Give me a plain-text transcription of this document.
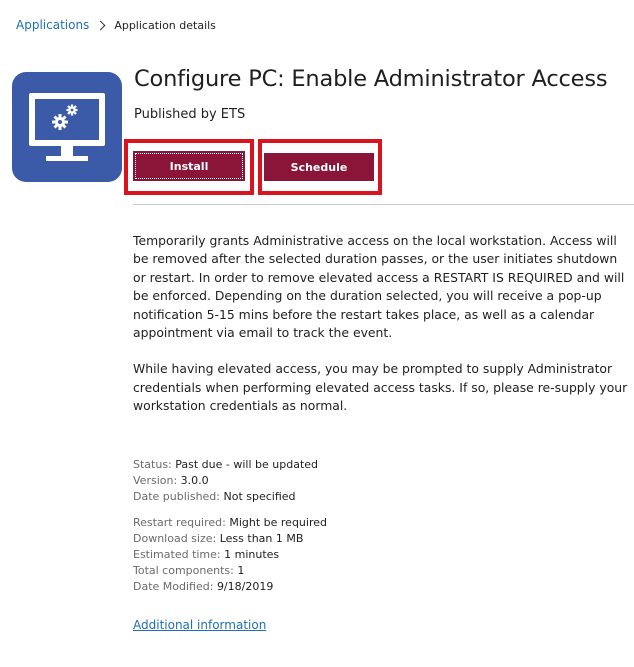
Applications Application details
Configure PC: Enable Administrator Access
Published by ETS
Install	Schedule

Temporarily grants Administrative access on the local workstation. Access will be removed after the selected duration passes, or the user initiates shutdown or restart. In order to remove elevated access a RESTART IS REQUIRED and will be enforced. Depending on the duration selected, you will receive a pop-up notification 5-15 mins before the restart takes place, as well as a calendar appointment via email to track the event.

While having elevated access, you may be prompted to supply Administrator credentials when performing elevated access tasks. If so, please re-supply your workstation credentials as normal.

Status: Past due - will be updated
Version: 3.0.0
Date published: Not specified
Restart required: Might be required
Download size: Less than 1 MB
Estimated time: 1 minutes
Total components: 1
Date Modified: 9/18/2019
Additional information
